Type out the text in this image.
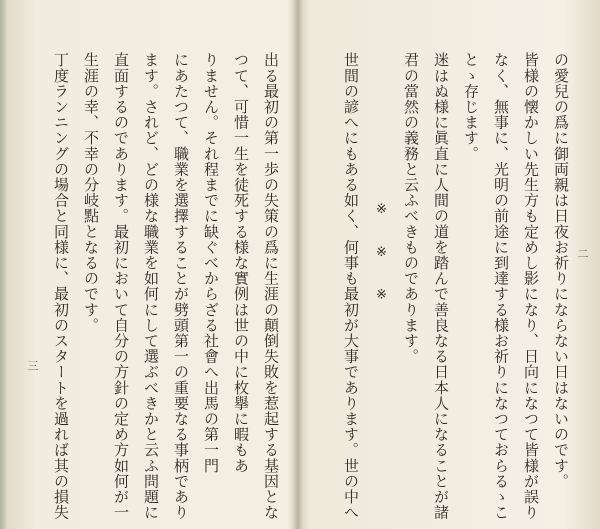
の愛兒の爲に御両親は日夜お祈りにならない日はないのです。

皆様の懐かしい先生方も定めし影になり、日向になつて皆様が誤り

なく、無事に、光明の前途に到達する様お祈りになつておらるゝこ

とゝ存じます。

迷はぬ様に眞直に人間の道を踏んで善良なる日本人になることが諸

君の當然の義務と云ふべきものであります。

※　　※　　※

世間の諺へにもある如く、何事も最初が大事であります。世の中へ	二

出る最初の第一歩の失策の爲に生涯の顛倒失敗を惹起する基因とな

つて、可惜一生を徒死する様な實例は世の中に枚擧に暇もあ

りません。それ程までに缺ぐべからざる社會へ出馬の第一門

にあたつて、職業を選擇することが劈頭第一の重要なる事柄であり

ます。されど、どの様な職業を如何にして選ぶべきかと云ふ問題に

直面するのであります。最初において自分の方針の定め方如何が一

生涯の幸、不幸の分岐點となるのです。

丁度ランニングの場合と同様に、最初のスタートを過れば其の損失

三
